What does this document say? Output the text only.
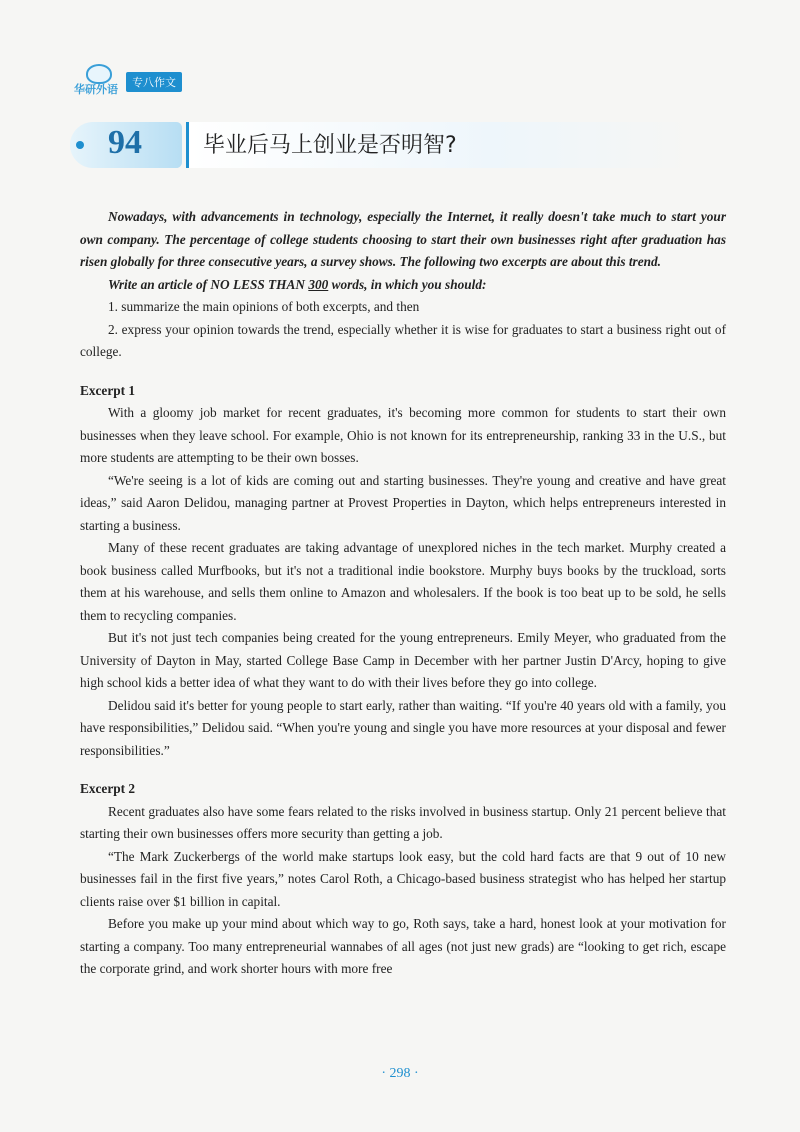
华研外语
专八作文
94	毕业后马上创业是否明智?

Nowadays, with advancements in technology, especially the Internet, it really doesn't take much to start your own company. The percentage of college students choosing to start their own businesses right after graduation has risen globally for three consecutive years, a survey shows. The following two excerpts are about this trend.

Write an article of NO LESS THAN 300 words, in which you should:

1. summarize the main opinions of both excerpts, and then

2. express your opinion towards the trend, especially whether it is wise for graduates to start a business right out of college.

Excerpt 1

With a gloomy job market for recent graduates, it's becoming more common for students to start their own businesses when they leave school. For example, Ohio is not known for its entrepreneurship, ranking 33 in the U.S., but more students are attempting to be their own bosses.

“We're seeing is a lot of kids are coming out and starting businesses. They're young and creative and have great ideas,” said Aaron Delidou, managing partner at Provest Properties in Dayton, which helps entrepreneurs interested in starting a business.

Many of these recent graduates are taking advantage of unexplored niches in the tech market. Murphy created a book business called Murfbooks, but it's not a traditional indie bookstore. Murphy buys books by the truckload, sorts them at his warehouse, and sells them online to Amazon and wholesalers. If the book is too beat up to be sold, he sells them to recycling companies.

But it's not just tech companies being created for the young entrepreneurs. Emily Meyer, who graduated from the University of Dayton in May, started College Base Camp in December with her partner Justin D'Arcy, hoping to give high school kids a better idea of what they want to do with their lives before they go into college.

Delidou said it's better for young people to start early, rather than waiting. “If you're 40 years old with a family, you have responsibilities,” Delidou said. “When you're young and single you have more resources at your disposal and fewer responsibilities.”

Excerpt 2

Recent graduates also have some fears related to the risks involved in business startup. Only 21 percent believe that starting their own businesses offers more security than getting a job.

“The Mark Zuckerbergs of the world make startups look easy, but the cold hard facts are that 9 out of 10 new businesses fail in the first five years,” notes Carol Roth, a Chicago-based business strategist who has helped her startup clients raise over $1 billion in capital.

Before you make up your mind about which way to go, Roth says, take a hard, honest look at your motivation for starting a company. Too many entrepreneurial wannabes of all ages (not just new grads) are “looking to get rich, escape the corporate grind, and work shorter hours with more free

· 298 ·
